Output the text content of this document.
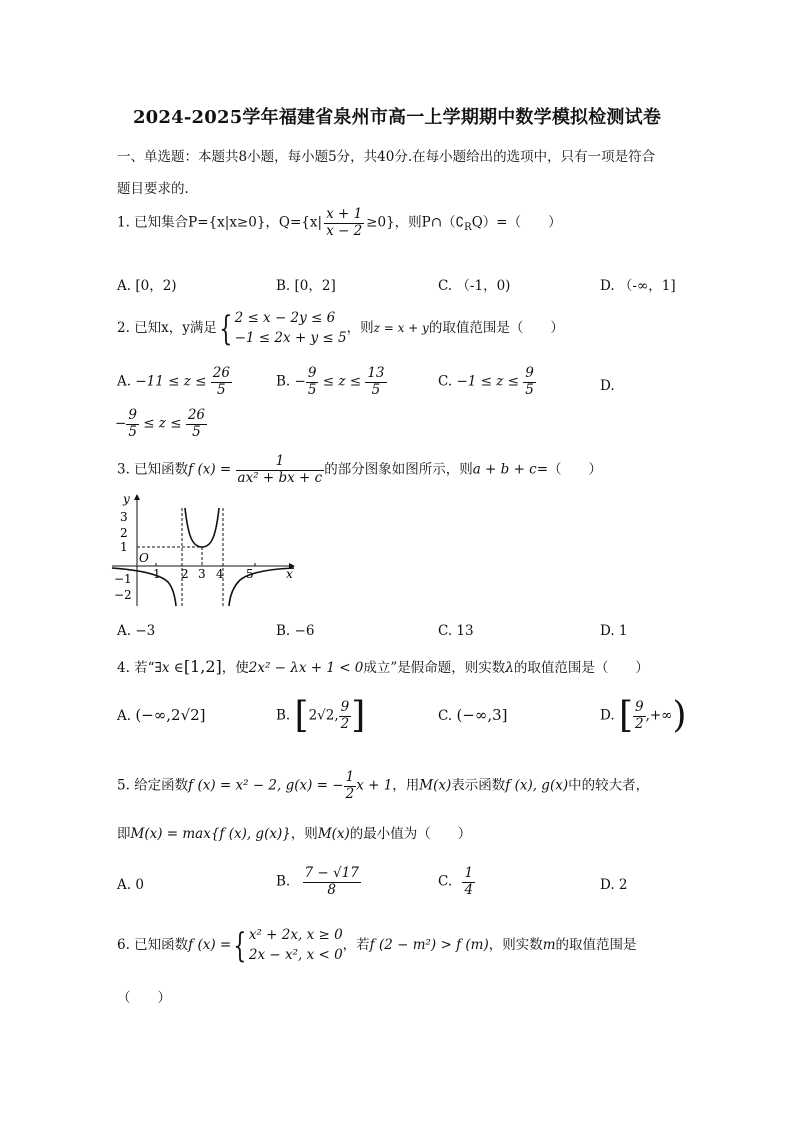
2024-2025学年福建省泉州市高一上学期期中数学模拟检测试卷
一、单选题：本题共8小题，每小题5分，共40分.在每小题给出的选项中，只有一项是符合
题目要求的.
1. 已知集合P={x|x≥0}，$Q=\{x| \frac{x + 1}{x - 2} \ge 0\}$，则$P\cap(∁_RQ)=$（　　）
A. [0，2)	B. [0，2]	C. （-1，0)	D. （-∞，1]
2. 已知x，y满足{ 2 ≤ x − 2y ≤ 6
−1 ≤ 2x + y ≤ 5
，则z = x + y的取值范围是（　　）
A. $-11 \le z \le \frac{26}{5}$	B. − $\frac{9}{5} \le z \le \frac{13}{5}$	C. $-1 \le z \le \frac{9}{5}$	D.
− $\frac{9}{5} \le z \le \frac{26}{5}$
3. 已知函数f $(x) = \frac{1}{\text{ax² + bx + c}}$ 的部分图象如图所示，则a + b + c=（　　）
y
x
O
3
2
1
−1
−2
1 2 3 4 5
A. −3	B. −6	C. 13	D. 1
4. 若“∃x ∈[1,2]，使2x² − λx + 1 < 0成立”是假命题，则实数λ的取值范围是（　　）
A. (−∞,2√2]	B. [2√2, $\frac{9}{2}$ ]	C. (−∞,3]	D. [ $\frac{9}{2}$ ,+∞)
5. 给定函数f (x) = x² − 2, g(x) = − $\frac{1}{2}$ x + 1，用M(x)表示函数f (x), g(x)中的较大者，
即M(x) = max{f (x), g(x)}，则M(x)的最小值为（　　）
A. 0	B. $\frac{7 - √17}{8}$	C. $\frac{1}{4}$	D. 2
6. 已知函数f (x) ={ x² + 2x, x ≥ 0
2x − x², x < 0
，若f (2 − m²) > f (m)，则实数m的取值范围是
（　　）
